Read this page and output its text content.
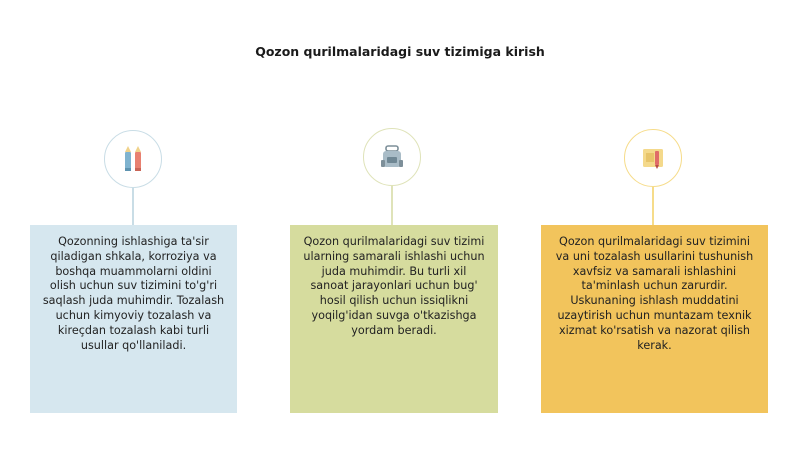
Qozon qurilmalaridagi suv tizimiga kirish
Qozonning ishlashiga ta'sir qiladigan shkala, korroziya va boshqa muammolarni oldini olish uchun suv tizimini to'g'ri saqlash juda muhimdir. Tozalash uchun kimyoviy tozalash va kireçdan tozalash kabi turli usullar qo'llaniladi.
Qozon qurilmalaridagi suv tizimi ularning samarali ishlashi uchun juda muhimdir. Bu turli xil sanoat jarayonlari uchun bug' hosil qilish uchun issiqlikni yoqilg'idan suvga o'tkazishga yordam beradi.
Qozon qurilmalaridagi suv tizimini va uni tozalash usullarini tushunish xavfsiz va samarali ishlashini ta'minlash uchun zarurdir. Uskunaning ishlash muddatini uzaytirish uchun muntazam texnik xizmat ko'rsatish va nazorat qilish kerak.
